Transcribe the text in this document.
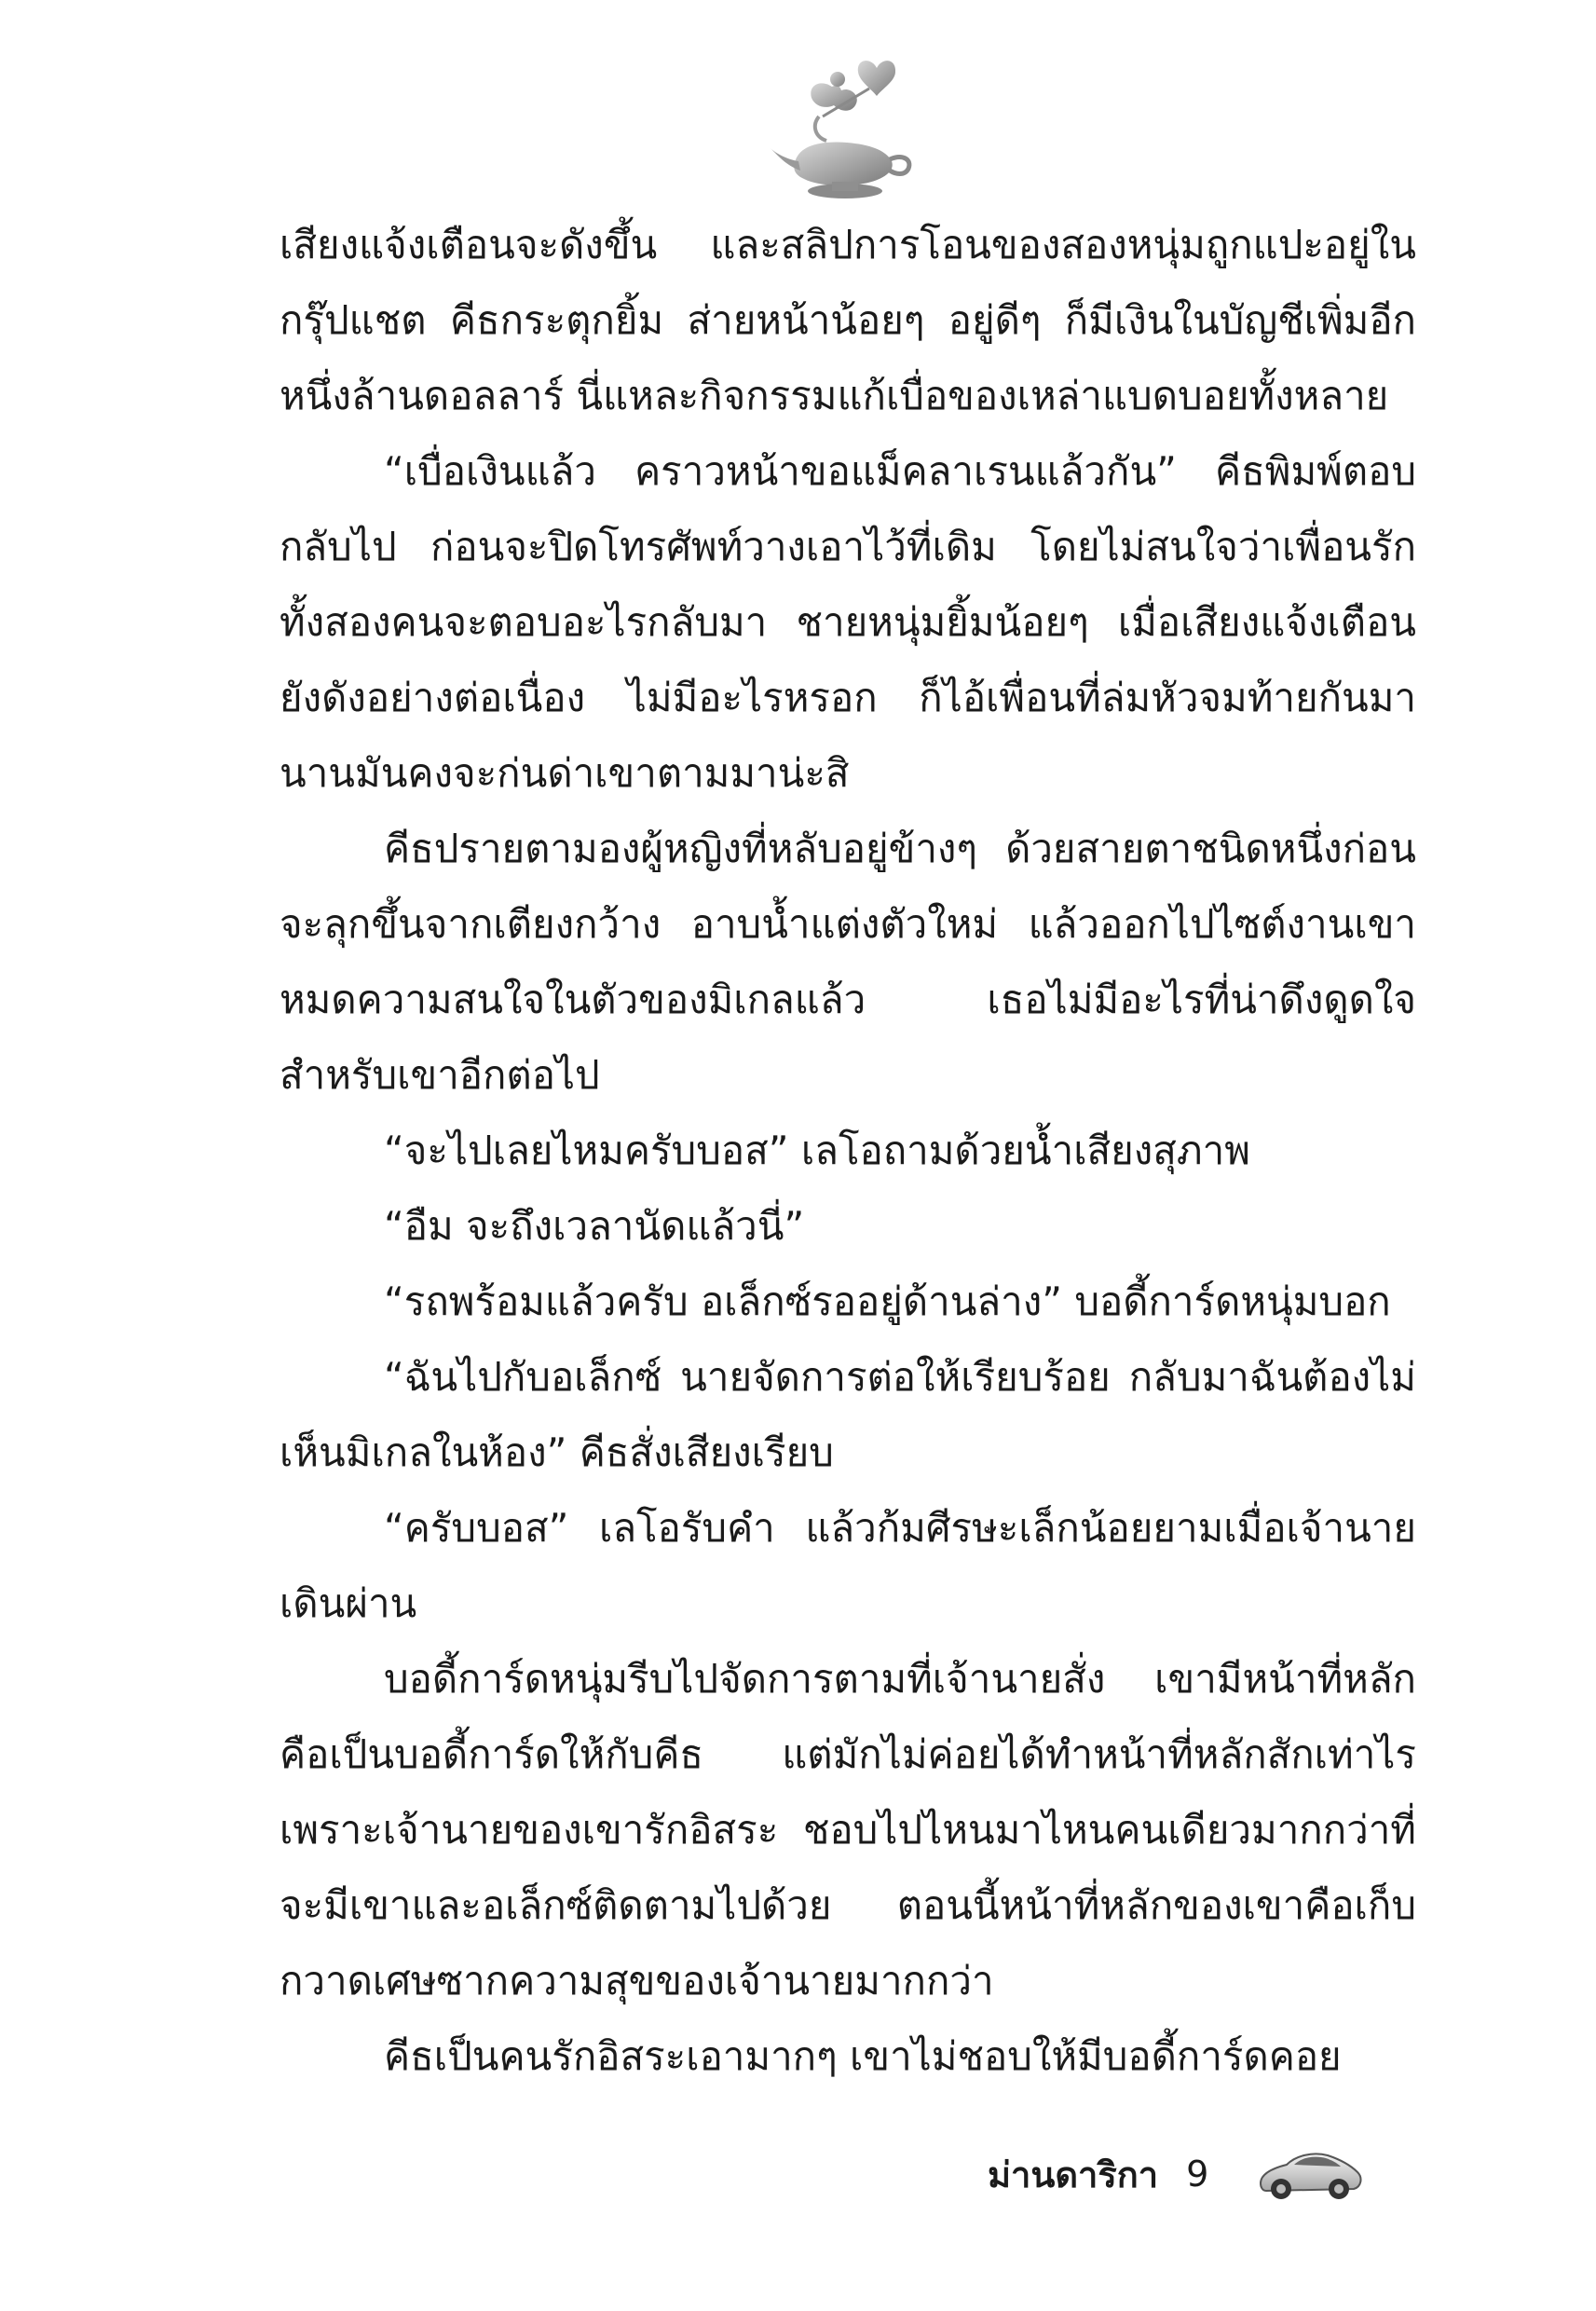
เสียงแจ้งเตือนจะดังขึ้น และสลิปการโอนของสองหนุ่มถูกแปะอยู่ในกรุ๊ปแชต คีธกระตุกยิ้ม ส่ายหน้าน้อยๆ อยู่ดีๆ ก็มีเงินในบัญชีเพิ่มอีกหนึ่งล้านดอลลาร์ นี่แหละกิจกรรมแก้เบื่อของเหล่าแบดบอยทั้งหลาย

“เบื่อเงินแล้ว คราวหน้าขอแม็คลาเรนแล้วกัน” คีธพิมพ์ตอบกลับไป ก่อนจะปิดโทรศัพท์วางเอาไว้ที่เดิม โดยไม่สนใจว่าเพื่อนรักทั้งสองคนจะตอบอะไรกลับมา ชายหนุ่มยิ้มน้อยๆ เมื่อเสียงแจ้งเตือนยังดังอย่างต่อเนื่อง ไม่มีอะไรหรอก ก็ไอ้เพื่อนที่ล่มหัวจมท้ายกันมานานมันคงจะก่นด่าเขาตามมาน่ะสิ

คีธปรายตามองผู้หญิงที่หลับอยู่ข้างๆ ด้วยสายตาชนิดหนึ่งก่อนจะลุกขึ้นจากเตียงกว้าง อาบน้ำแต่งตัวใหม่ แล้วออกไปไซต์งานเขาหมดความสนใจในตัวของมิเกลแล้ว เธอไม่มีอะไรที่น่าดึงดูดใจสำหรับเขาอีกต่อไป

“จะไปเลยไหมครับบอส” เลโอถามด้วยน้ำเสียงสุภาพ

“อืม จะถึงเวลานัดแล้วนี่”

“รถพร้อมแล้วครับ อเล็กซ์รออยู่ด้านล่าง” บอดี้การ์ดหนุ่มบอก

“ฉันไปกับอเล็กซ์ นายจัดการต่อให้เรียบร้อย กลับมาฉันต้องไม่เห็นมิเกลในห้อง” คีธสั่งเสียงเรียบ

“ครับบอส” เลโอรับคำ แล้วก้มศีรษะเล็กน้อยยามเมื่อเจ้านายเดินผ่าน

บอดี้การ์ดหนุ่มรีบไปจัดการตามที่เจ้านายสั่ง เขามีหน้าที่หลักคือเป็นบอดี้การ์ดให้กับคีธ แต่มักไม่ค่อยได้ทำหน้าที่หลักสักเท่าไรเพราะเจ้านายของเขารักอิสระ ชอบไปไหนมาไหนคนเดียวมากกว่าที่จะมีเขาและอเล็กซ์ติดตามไปด้วย ตอนนี้หน้าที่หลักของเขาคือเก็บกวาดเศษซากความสุขของเจ้านายมากกว่า

คีธเป็นคนรักอิสระเอามากๆ เขาไม่ชอบให้มีบอดี้การ์ดคอย

ม่านดาริกา 9
